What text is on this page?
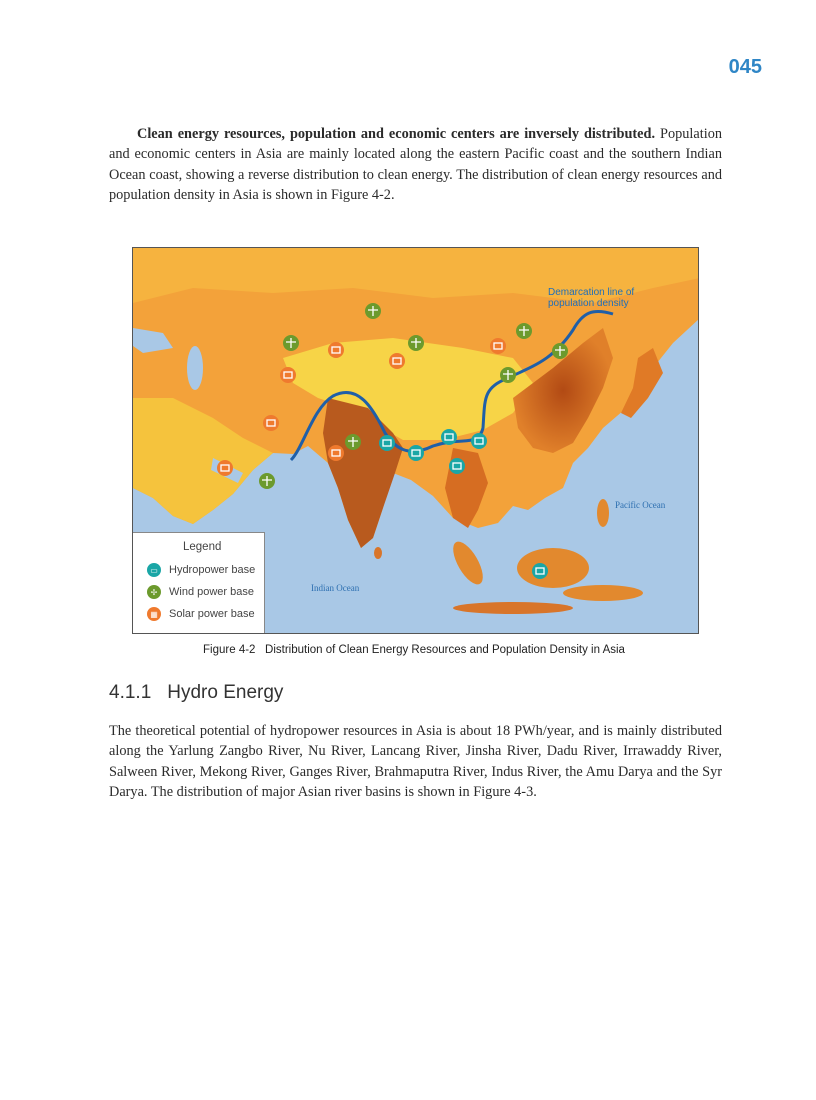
045

Clean energy resources, population and economic centers are inversely distributed. Population and economic centers in Asia are mainly located along the eastern Pacific coast and the southern Indian Ocean coast, showing a reverse distribution to clean energy. The distribution of clean energy resources and population density in Asia is shown in Figure 4-2.

Demarcation line of
population density
Pacific Ocean
Indian Ocean
Legend
▭ Hydropower base
✢	Wind power base
▦ Solar power base
Figure 4-2 Distribution of Clean Energy Resources and Population Density in Asia
4.1.1 Hydro Energy

The theoretical potential of hydropower resources in Asia is about 18 PWh/year, and is mainly distributed along the Yarlung Zangbo River, Nu River, Lancang River, Jinsha River, Dadu River, Irrawaddy River, Salween River, Mekong River, Ganges River, Brahmaputra River, Indus River, the Amu Darya and the Syr Darya. The distribution of major Asian river basins is shown in Figure 4-3.
